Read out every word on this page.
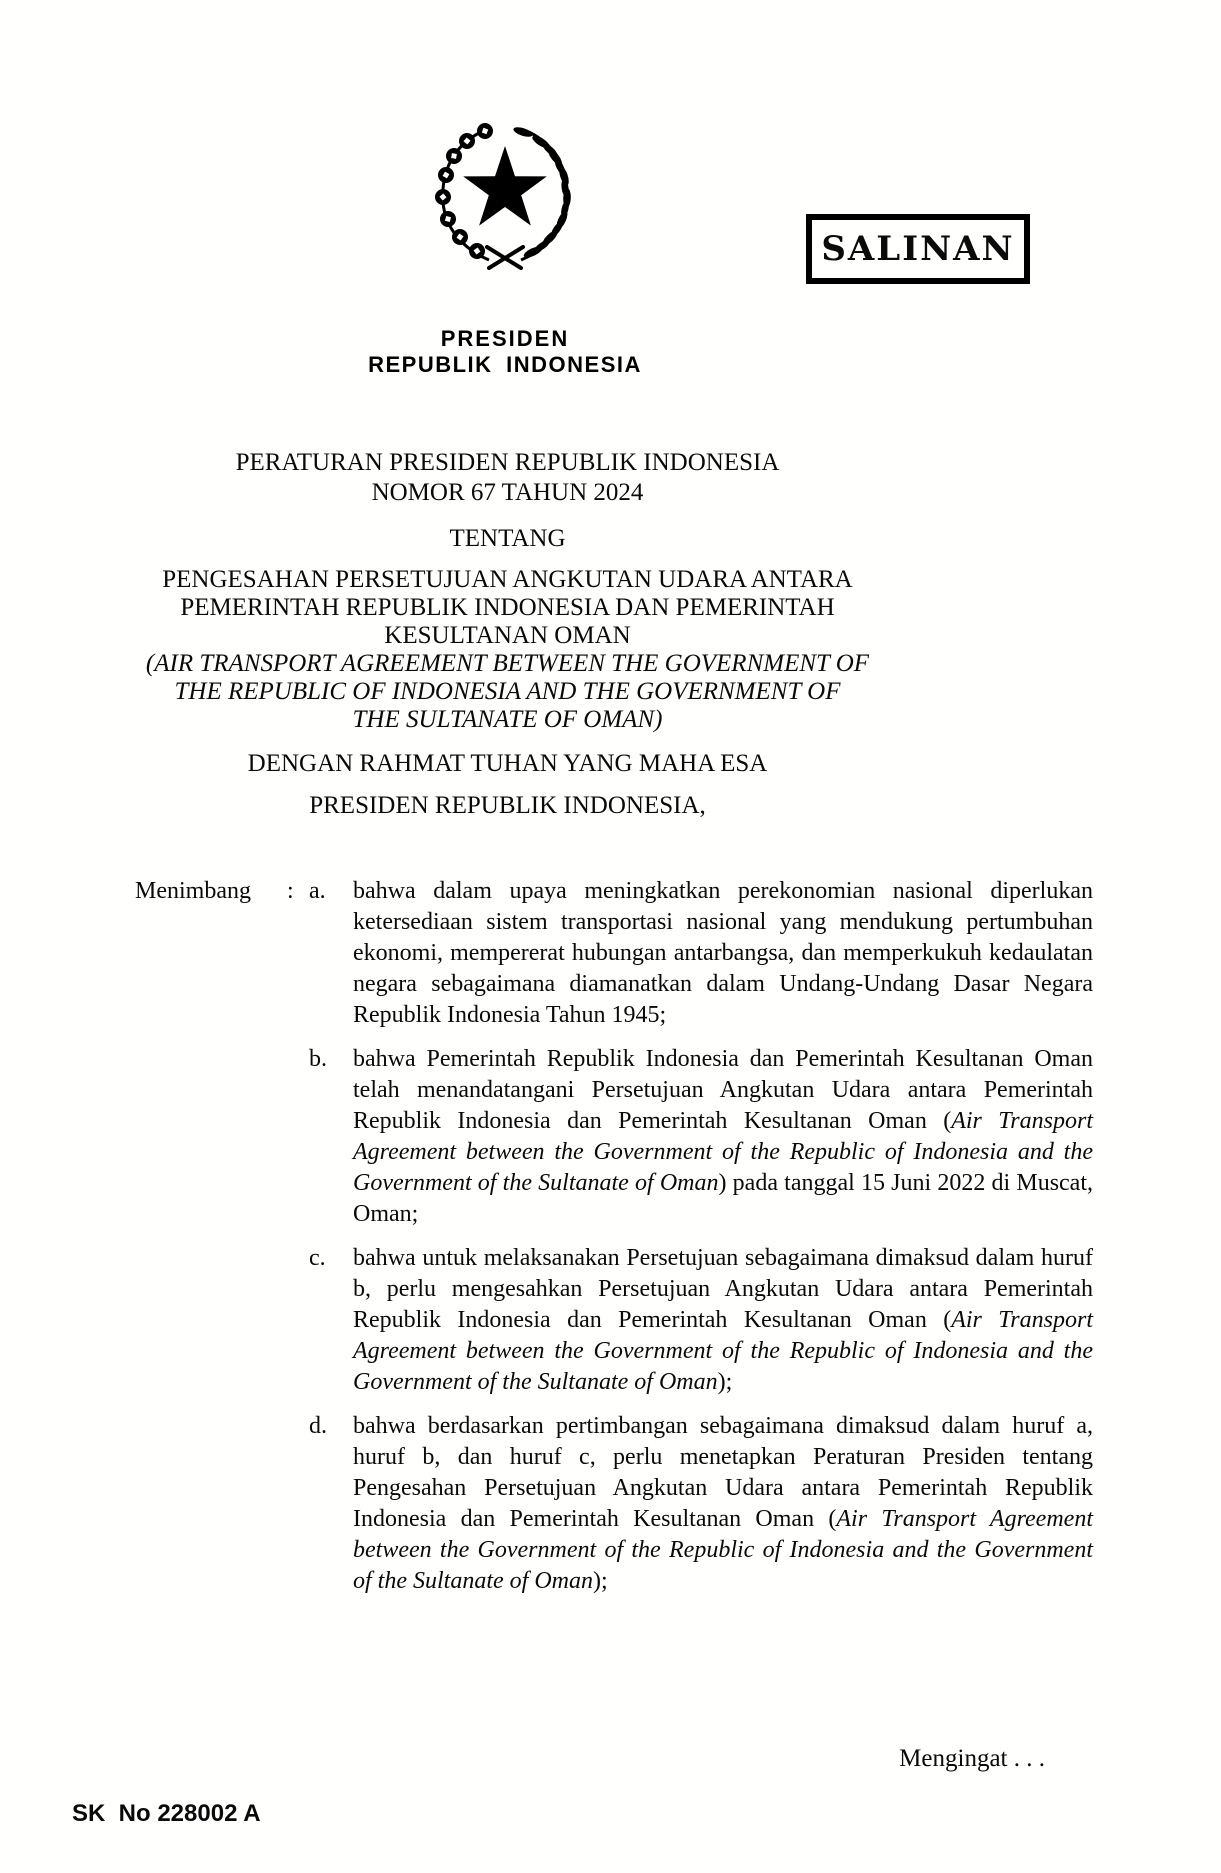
SALINAN
PRESIDEN
REPUBLIK INDONESIA
PERATURAN PRESIDEN REPUBLIK INDONESIA
NOMOR 67 TAHUN 2024
TENTANG
PENGESAHAN PERSETUJUAN ANGKUTAN UDARA ANTARA
PEMERINTAH REPUBLIK INDONESIA DAN PEMERINTAH KESULTANAN OMAN
(AIR TRANSPORT AGREEMENT BETWEEN THE GOVERNMENT OF
THE REPUBLIC OF INDONESIA AND THE GOVERNMENT OF
THE SULTANATE OF OMAN)
DENGAN RAHMAT TUHAN YANG MAHA ESA
PRESIDEN REPUBLIK INDONESIA,
Menimbang	: a.	bahwa dalam upaya meningkatkan perekonomian nasional diperlukan ketersediaan sistem transportasi nasional yang mendukung pertumbuhan ekonomi, mempererat hubungan antarbangsa, dan memperkukuh kedaulatan negara sebagaimana diamanatkan dalam Undang-Undang Dasar Negara Republik Indonesia Tahun 1945;
b.	bahwa Pemerintah Republik Indonesia dan Pemerintah Kesultanan Oman telah menandatangani Persetujuan Angkutan Udara antara Pemerintah Republik Indonesia dan Pemerintah Kesultanan Oman (Air Transport Agreement between the Government of the Republic of Indonesia and the Government of the Sultanate of Oman) pada tanggal 15 Juni 2022 di Muscat, Oman;
c.	bahwa untuk melaksanakan Persetujuan sebagaimana dimaksud dalam huruf b, perlu mengesahkan Persetujuan Angkutan Udara antara Pemerintah Republik Indonesia dan Pemerintah Kesultanan Oman (Air Transport Agreement between the Government of the Republic of Indonesia and the Government of the Sultanate of Oman);
d.	bahwa berdasarkan pertimbangan sebagaimana dimaksud dalam huruf a, huruf b, dan huruf c, perlu menetapkan Peraturan Presiden tentang Pengesahan Persetujuan Angkutan Udara antara Pemerintah Republik Indonesia dan Pemerintah Kesultanan Oman (Air Transport Agreement between the Government of the Republic of Indonesia and the Government of the Sultanate of Oman);
Mengingat . . .
SK  No 228002 A
